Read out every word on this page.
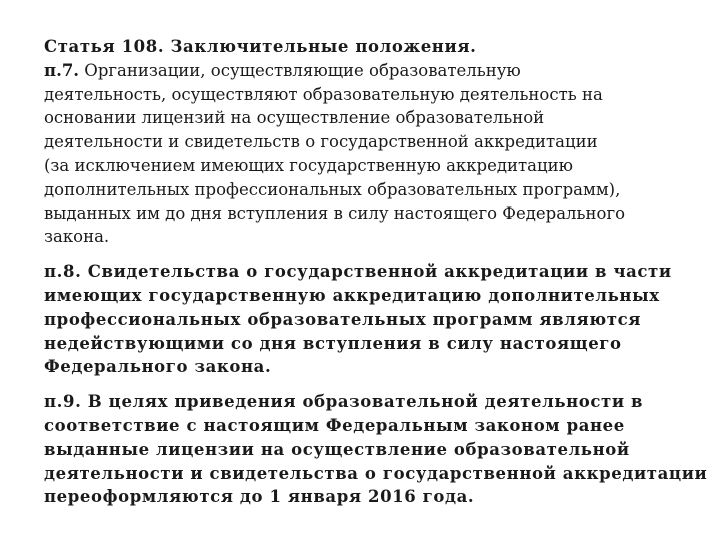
Статья 108. Заключительные положения.
п.7. Организации, осуществляющие образовательную
деятельность, осуществляют образовательную деятельность на
основании лицензий на осуществление образовательной
деятельности и свидетельств о государственной аккредитации
(за исключением имеющих государственную аккредитацию
дополнительных профессиональных образовательных программ),
выданных им до дня вступления в силу настоящего Федерального
закона.
п.8. Свидетельства о государственной аккредитации в части
имеющих государственную аккредитацию дополнительных
профессиональных образовательных программ являются
недействующими со дня вступления в силу настоящего
Федерального закона.
п.9. В целях приведения образовательной деятельности в
соответствие с настоящим Федеральным законом ранее
выданные лицензии на осуществление образовательной
деятельности и свидетельства о государственной аккредитации
переоформляются до 1 января 2016 года.
